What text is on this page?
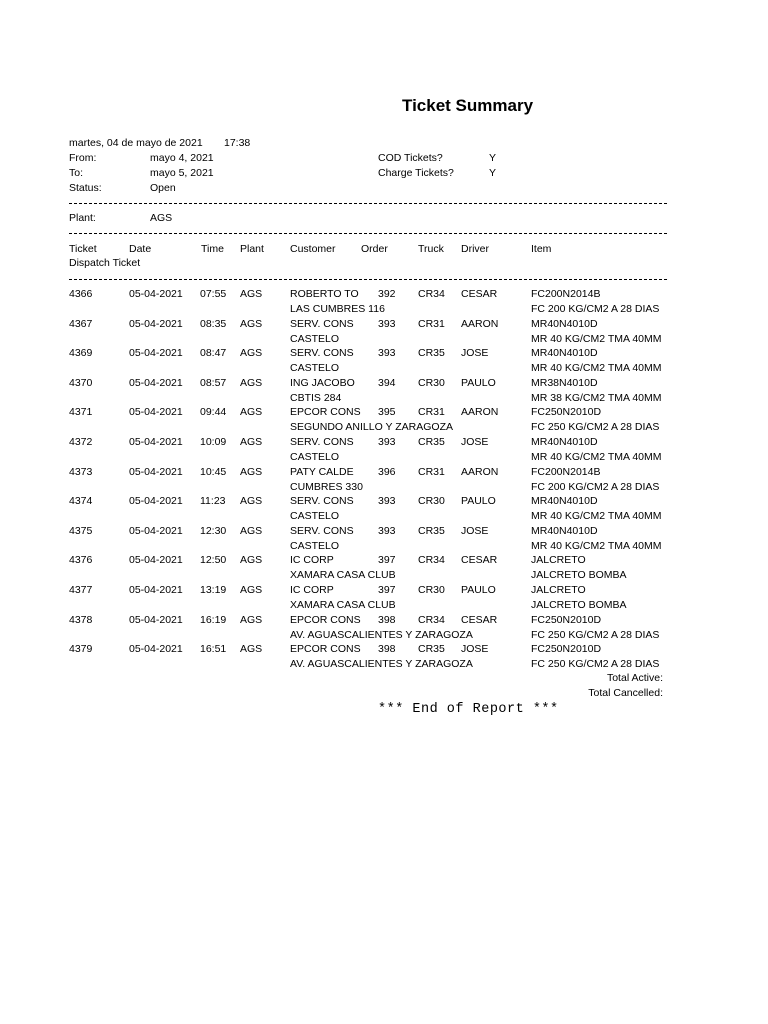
Ticket Summary
martes, 04 de mayo de 2021 17:38
From:	mayo 4, 2021	COD Tickets?	Y
To:	mayo 5, 2021	Charge Tickets?	Y
Status:	Open
Plant:	AGS
Ticket	Date	Time Plant Customer Order	Truck Driver	Item
Dispatch Ticket
4366	05-04-2021 07:55 AGS	ROBERTO TO 392 CR34 CESAR	FC200N2014B
LAS CUMBRES 116	FC 200 KG/CM2 A 28 DIAS
4367	05-04-2021 08:35 AGS	SERV. CONS 393 CR31 AARON	MR40N4010D
CASTELO	MR 40 KG/CM2 TMA 40MM
4369	05-04-2021 08:47 AGS	SERV. CONS 393 CR35 JOSE	MR40N4010D
CASTELO	MR 40 KG/CM2 TMA 40MM
4370	05-04-2021 08:57 AGS	ING JACOBO 394 CR30 PAULO	MR38N4010D
CBTIS 284	MR 38 KG/CM2 TMA 40MM
4371	05-04-2021 09:44 AGS	EPCOR CONS 395 CR31 AARON	FC250N2010D
SEGUNDO ANILLO Y ZARAGOZA	FC 250 KG/CM2 A 28 DIAS
4372	05-04-2021 10:09 AGS	SERV. CONS 393 CR35 JOSE	MR40N4010D
CASTELO	MR 40 KG/CM2 TMA 40MM
4373	05-04-2021 10:45 AGS	PATY CALDE 396 CR31 AARON	FC200N2014B
CUMBRES 330	FC 200 KG/CM2 A 28 DIAS
4374	05-04-2021 11:23 AGS	SERV. CONS 393 CR30 PAULO	MR40N4010D
CASTELO	MR 40 KG/CM2 TMA 40MM
4375	05-04-2021 12:30 AGS	SERV. CONS 393 CR35 JOSE	MR40N4010D
CASTELO	MR 40 KG/CM2 TMA 40MM
4376	05-04-2021 12:50 AGS	IC CORP	397 CR34 CESAR	JALCRETO
XAMARA CASA CLUB	JALCRETO BOMBA
4377	05-04-2021 13:19 AGS	IC CORP	397 CR30 PAULO	JALCRETO
XAMARA CASA CLUB	JALCRETO BOMBA
4378	05-04-2021 16:19 AGS	EPCOR CONS 398 CR34 CESAR	FC250N2010D
AV. AGUASCALIENTES Y ZARAGOZA	FC 250 KG/CM2 A 28 DIAS
4379	05-04-2021 16:51 AGS	EPCOR CONS 398 CR35 JOSE	FC250N2010D
AV. AGUASCALIENTES Y ZARAGOZA	FC 250 KG/CM2 A 28 DIAS
Total Active:
Total Cancelled:
*** End of Report ***
